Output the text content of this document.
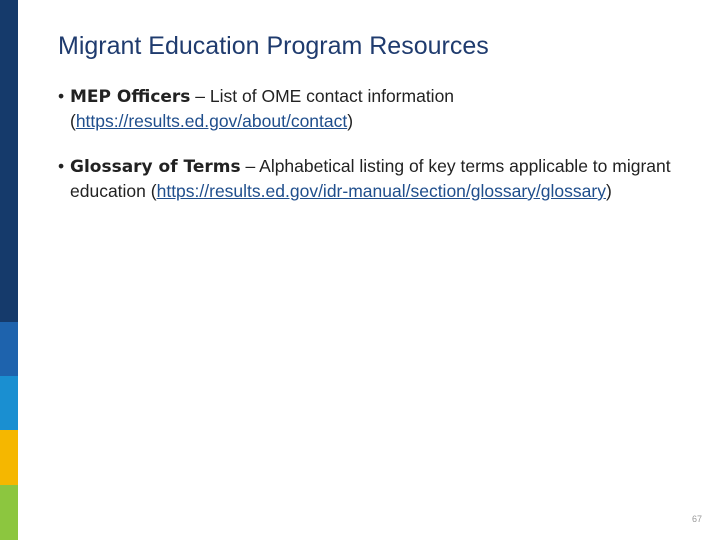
Migrant Education Program Resources
• MEP Officers – List of OME contact information (https://results.ed.gov/about/contact)
• Glossary of Terms – Alphabetical listing of key terms applicable to migrant education (https://results.ed.gov/idr-manual/section/glossary/glossary)
67
